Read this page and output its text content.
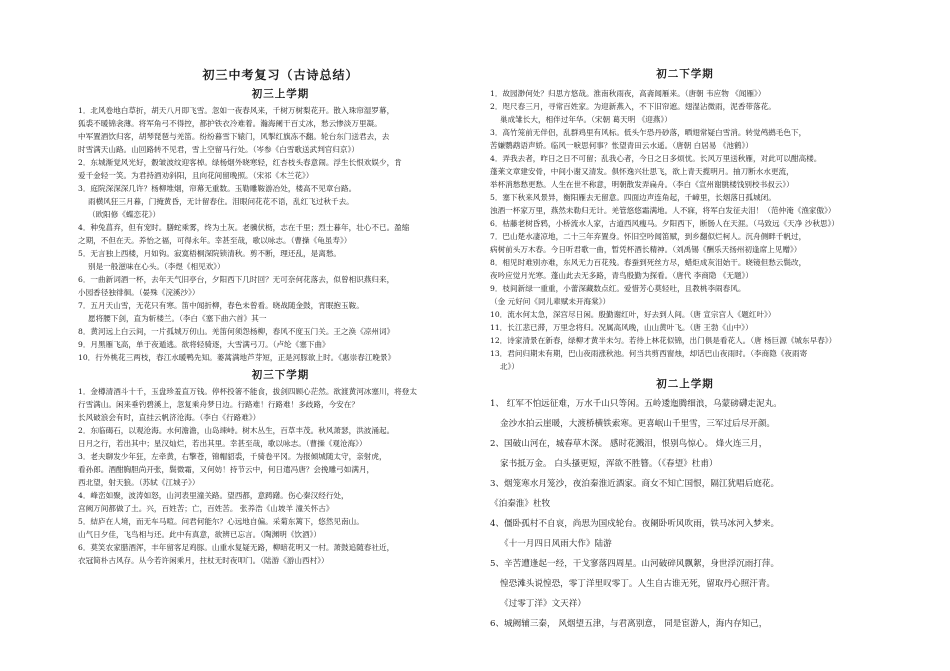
初三中考复习（古诗总结）
初三上学期
1．北风卷地白草折，胡天八月即飞雪。忽如一夜春风来，千树万树梨花开。散入珠帘湿罗幕，
狐裘不暖锦衾薄。将军角弓不得控，都护铁衣冷难着。瀚海阑干百丈冰，愁云惨淡万里凝。
中军置酒饮归客，胡琴琵琶与羌笛。纷纷暮雪下辕门，风掣红旗冻不翻。轮台东门送君去，去
时雪满天山路。山回路转不见君，雪上空留马行处。（岑参《白雪歌送武判官归京》）
2．东城渐觉风光好，縠皱波纹迎客棹。绿杨烟外晓寒轻，红杏枝头春意闹。浮生长恨欢娱少，肯
爱千金轻一笑。为君持酒劝斜阳，且向花间留晚照。（宋祁《木兰花》）
3．庭院深深深几许？杨柳堆烟，帘幕无重数。玉勒雕鞍游冶处，楼高不见章台路。
雨横风狂三月暮，门掩黄昏，无计留春住。泪眼问花花不语，乱红飞过秋千去。
（欧阳修《蝶恋花》）
4．种兔菖弃，但有宠时。膳蛇乘雾，终为土灰。老骥伏枥，志在千里；烈士暮年，壮心不已。盈缩
之期，不但在天。养怡之福，可得永年。幸甚至哉，歌以咏志。（曹操《龟虽寿》）
5．无言独上西楼，月如钩。寂寞梧桐深院锁清秋。剪不断，理还乱，是离愁。
别是一般滋味在心头。（李煜《相见欢》）
6．一曲新词酒一杯，去年天气旧亭台，夕阳西下几时回？无可奈何花落去，似曾相识燕归来，
小园香径独徘徊。（晏殊《浣溪沙》）
7．五月天山雪，无花只有寒。笛中闻折柳，春色未曾看。晓战随金鼓，宵眠抱玉鞍。
愿将腰下剑，直为斩楼兰。（李白《塞下曲六首》其一
8．黄河远上白云间，一片孤城万仞山。羌笛何须怨杨柳，春风不度玉门关。王之涣《凉州词》
9．月黑雁飞高，单于夜遁逃。欲将轻骑逐，大雪满弓刀。（卢纶《塞下曲》
10．行外桃花三两枝，春江水暖鸭先知。蒌蒿满地芦芽短，正是河豚欲上时。《惠崇春江晚景》
初三下学期
1．金樽清酒斗十千，玉盘珍羞直万钱。停杯投箸不能食，拔剑四顾心茫然。欲渡黄河冰塞川，将登太
行雪满山。闲来垂钓碧溪上，忽复乘舟梦日边。行路难！行路难！多歧路，今安在？
长风破浪会有时，直挂云帆济沧海。（李白《行路难》）
2．东临碣石，以观沧海。水何澹澹，山岛竦峙。树木丛生，百草丰茂。秋风萧瑟，洪波涌起。
日月之行，若出其中；星汉灿烂，若出其里。幸甚至哉，歌以咏志。（曹操《观沧海》）
3．老夫聊发少年狂，左牵黄，右擎苍，锦帽貂裘，千骑卷平冈。为报倾城随太守，亲射虎，
看孙郎。酒酣胸胆尚开张，鬓微霜，又何妨！持节云中，何日遣冯唐？会挽雕弓如满月，
西北望，射天狼。（苏轼《江城子》）
4．峰峦如聚，波涛如怒，山河表里潼关路。望西都，意踌躇。伤心秦汉经行处，
宫阙万间都做了土。兴，百姓苦；亡，百姓苦。 张养浩《山坡羊 潼关怀古》
5．結庐在人境，而无车马喧。问君何能尔？心远地自偏。采菊东篱下，悠然见南山。
山气日夕佳，飞鸟相与还。此中有真意，欲辨已忘言。（陶渊明《饮酒》）
6．莫笑农家腊酒浑，丰年留客足鸡豚。山重水复疑无路，柳暗花明又一村。萧鼓追随春社近，
衣冠简朴古风存。从今若许闲乘月，拄杖无时夜叩门。（陆游《游山西村》）
初二下学期
1．故园渺何处？归思方悠哉。淮南秋雨夜，高斋闻雁来。（唐朝 韦应物 《闻雁》）
2．咫尺春三月，寻常百姓家。为迎新燕入，不下旧帘遮。翅湿沾微雨，泥香带落花。
巢成雏长大，相伴过年华。（宋朝 葛天明 《迎燕》）
3．高竹笼前无伴侣，乱群鸡里有风标。低头乍恐丹砂落，晒翅常疑白雪消。转觉鸬鹚毛色下，
苦嫌鹦鹉语声娇。临风一唳思何事？怅望青田云水遥。（唐朝 白居易 《池鹤》）
4．弄我去者，昨日之日不可留；乱我心者，今日之日多烦忧。长风万里送秋雁，对此可以酣高楼。
蓬莱文章建安骨，中间小谢又清发。俱怀逸兴壮思飞，欲上青天揽明月。抽刀断水水更流，
举杯消愁愁更愁。人生在世不称意，明朝散发弄扁舟。（李白《宣州谢朓楼饯别校书叔云》）
5．塞下秋来风景异，衡阳雁去无留意。四面边声连角起，千嶂里，长烟落日孤城闭。
浊酒一杯家万里，燕然未勒归无计。羌管悠悠霜满地。人不寐，将军白发征夫泪！（范仲淹《渔家傲》）
6．枯藤老树昏鸦，小桥流水人家，古道西风瘦马。夕阳西下，断肠人在天涯。（马致远《天净 沙秋思》）
7．巴山楚水凄凉地，二十三年弃置身。怀旧空吟闻笛赋，到乡翻似烂柯人。沉舟侧畔千帆过，
病树前头万木春。今日听君歌一曲，暂凭杯酒长精神。（刘禹锡《酬乐天扬州初逢席上见赠》）
8．相见时难别亦难，东风无力百花残。春蚕到死丝方尽，蜡炬成灰泪始干。晓镜但愁云鬓改，
夜吟应觉月光寒。蓬山此去无多路，青鸟殷勤为探看。（唐代 李商隐 《无题》）
9．枝间新绿一重重，小蕾深藏数点红。爱惜芳心莫轻吐，且教桃李闹春风。
（金 元好问《同儿辈赋未开海棠》）
10．流水何太急，深宫尽日闲。殷勤谢红叶，好去到人间。（唐 宣宗宫人《题红叶》）
11．长江悲已滞，万里念将归。况属高风晚，山山黄叶飞。（唐 王勃《山中》）
12．诗家清景在新春，绿柳才黄半未匀。若待上林花似锦，出门俱是看花人。（唐 杨巨源《城东早春》）
13．君问归期未有期，巴山夜雨涨秋池。何当共剪西窗烛，却话巴山夜雨时。（李商隐《夜雨寄
北》）
初二上学期
1、 红军不怕远征难，万水千山只等闲。五岭逶迤腾细浪，乌蒙磅礴走泥丸。
金沙水拍云崖暖，大渡桥横铁索寒。更喜岷山千里雪，三军过后尽开颜。
2、国破山河在，城春草木深。 感时花溅泪，恨别鸟惊心。 烽火连三月，
家书抵万金。 白头搔更短，浑欲不胜簪。（《春望》杜甫）
3、烟笼寒水月笼沙，夜泊秦淮近酒家。商女不知亡国恨，隔江犹唱后庭花。
《泊秦淮》杜牧
4、僵卧孤村不自哀，尚思为国戍轮台。夜阑卧听风吹雨，铁马冰河入梦来。
《十一月四日风雨大作》陆游
5、辛苦遭逢起一经，干戈寥落四周星。山河破碎风飘絮，身世浮沉雨打萍。
惶恐滩头说惶恐，零丁洋里叹零丁。人生自古谁无死，留取丹心照汗青。
《过零丁洋》文天祥）
6、城阙辅三秦， 风烟望五津，与君离别意， 同是宦游人，海内存知己，
